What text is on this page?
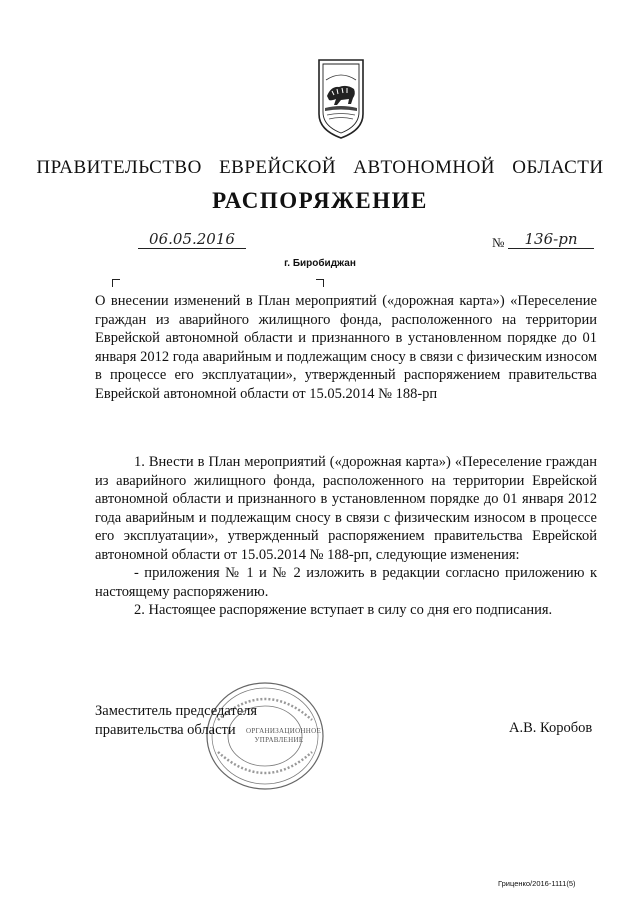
ПРАВИТЕЛЬСТВО ЕВРЕЙСКОЙ АВТОНОМНОЙ ОБЛАСТИ
РАСПОРЯЖЕНИЕ
06.05.2016	№	136-рп
г. Биробиджан
О внесении изменений в План мероприятий («дорожная карта») «Переселение граждан из аварийного жилищного фонда, расположенного на территории Еврейской автономной области и признанного в установленном порядке до 01 января 2012 года аварийным и подлежащим сносу в связи с физическим износом в процессе его эксплуатации», утвержденный распоряжением правительства Еврейской автономной области от 15.05.2014 № 188-рп

1. Внести в План мероприятий («дорожная карта») «Переселение граждан из аварийного жилищного фонда, расположенного на территории Еврейской автономной области и признанного в установленном порядке до 01 января 2012 года аварийным и подлежащим сносу в связи с физическим износом в процессе его эксплуатации», утвержденный распоряжением правительства Еврейской автономной области от 15.05.2014 № 188-рп, следующие изменения:

- приложения № 1 и № 2 изложить в редакции согласно приложению к настоящему распоряжению.

2. Настоящее распоряжение вступает в силу со дня его подписания.

ОРГАНИЗАЦИОННОЕ
УПРАВЛЕНИЕ
Заместитель председателя
правительства области	А.В. Коробов
Гриценко/2016-1111(5)
